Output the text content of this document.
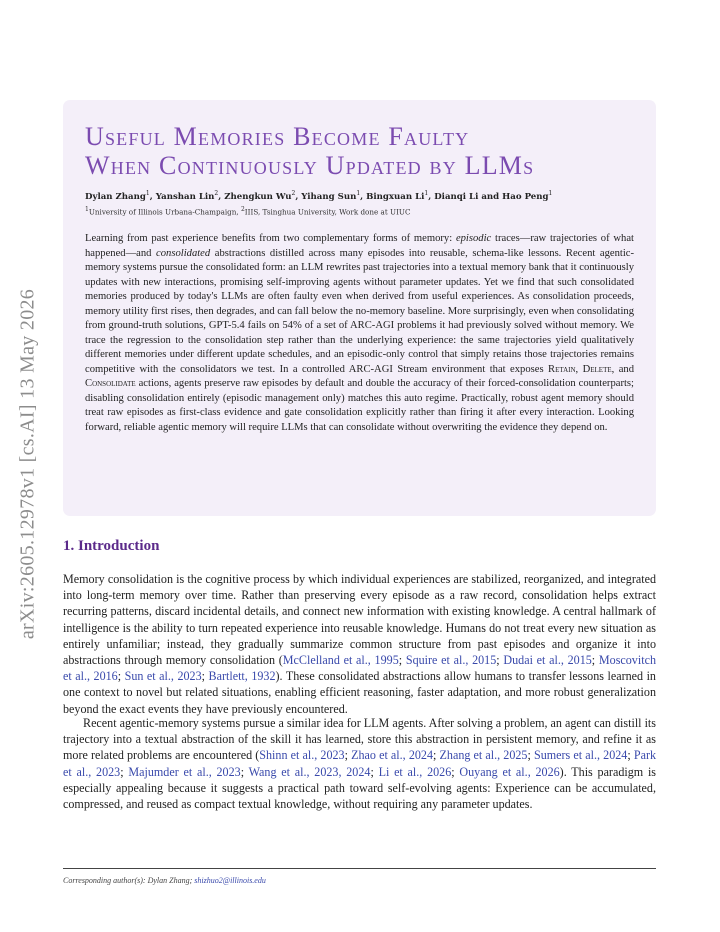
arXiv:2605.12978v1 [cs.AI] 13 May 2026
Useful Memories Become Faulty
When Continuously Updated by LLMs
Dylan Zhang$^1$, Yanshan Lin$^2$, Zhengkun Wu$^2$, Yihang Sun$^1$, Bingxuan Li$^1$, Dianqi Li and Hao Peng$^1$
$^1$University of Illinois Urbana-Champaign, $^2$IIIS, Tsinghua University, Work done at UIUC

Learning from past experience benefits from two complementary forms of memory: episodic traces—raw trajectories of what happened—and consolidated abstractions distilled across many episodes into reusable, schema-like lessons. Recent agentic-memory systems pursue the consolidated form: an LLM rewrites past trajectories into a textual memory bank that it continuously updates with new interactions, promising self-improving agents without parameter updates. Yet we find that such consolidated memories produced by today's LLMs are often faulty even when derived from useful experiences. As consolidation proceeds, memory utility first rises, then degrades, and can fall below the no-memory baseline. More surprisingly, even when consolidating from ground-truth solutions, GPT-5.4 fails on 54% of a set of ARC-AGI problems it had previously solved without memory. We trace the regression to the consolidation step rather than the underlying experience: the same trajectories yield qualitatively different memories under different update schedules, and an episodic-only control that simply retains those trajectories remains competitive with the consolidators we test. In a controlled ARC-AGI Stream environment that exposes Retain, Delete, and Consolidate actions, agents preserve raw episodes by default and double the accuracy of their forced-consolidation counterparts; disabling consolidation entirely (episodic management only) matches this auto regime. Practically, robust agent memory should treat raw episodes as first-class evidence and gate consolidation explicitly rather than firing it after every interaction. Looking forward, reliable agentic memory will require LLMs that can consolidate without overwriting the evidence they depend on.

1. Introduction

Memory consolidation is the cognitive process by which individual experiences are stabilized, reorganized, and integrated into long-term memory over time. Rather than preserving every episode as a raw record, consolidation helps extract recurring patterns, discard incidental details, and connect new information with existing knowledge. A central hallmark of intelligence is the ability to turn repeated experience into reusable knowledge. Humans do not treat every new situation as entirely unfamiliar; instead, they gradually summarize common structure from past episodes and organize it into abstractions through memory consolidation (McClelland et al., 1995; Squire et al., 2015; Dudai et al., 2015; Moscovitch et al., 2016; Sun et al., 2023; Bartlett, 1932). These consolidated abstractions allow humans to transfer lessons learned in one context to novel but related situations, enabling efficient reasoning, faster adaptation, and more robust generalization beyond the exact events they have previously encountered.

Recent agentic-memory systems pursue a similar idea for LLM agents. After solving a problem, an agent can distill its trajectory into a textual abstraction of the skill it has learned, store this abstraction in persistent memory, and refine it as more related problems are encountered (Shinn et al., 2023; Zhao et al., 2024; Zhang et al., 2025; Sumers et al., 2024; Park et al., 2023; Majumder et al., 2023; Wang et al., 2023, 2024; Li et al., 2026; Ouyang et al., 2026). This paradigm is especially appealing because it suggests a practical path toward self-evolving agents: Experience can be accumulated, compressed, and reused as compact textual knowledge, without requiring any parameter updates.

Corresponding author(s): Dylan Zhang; shizhuo2@illinois.edu
